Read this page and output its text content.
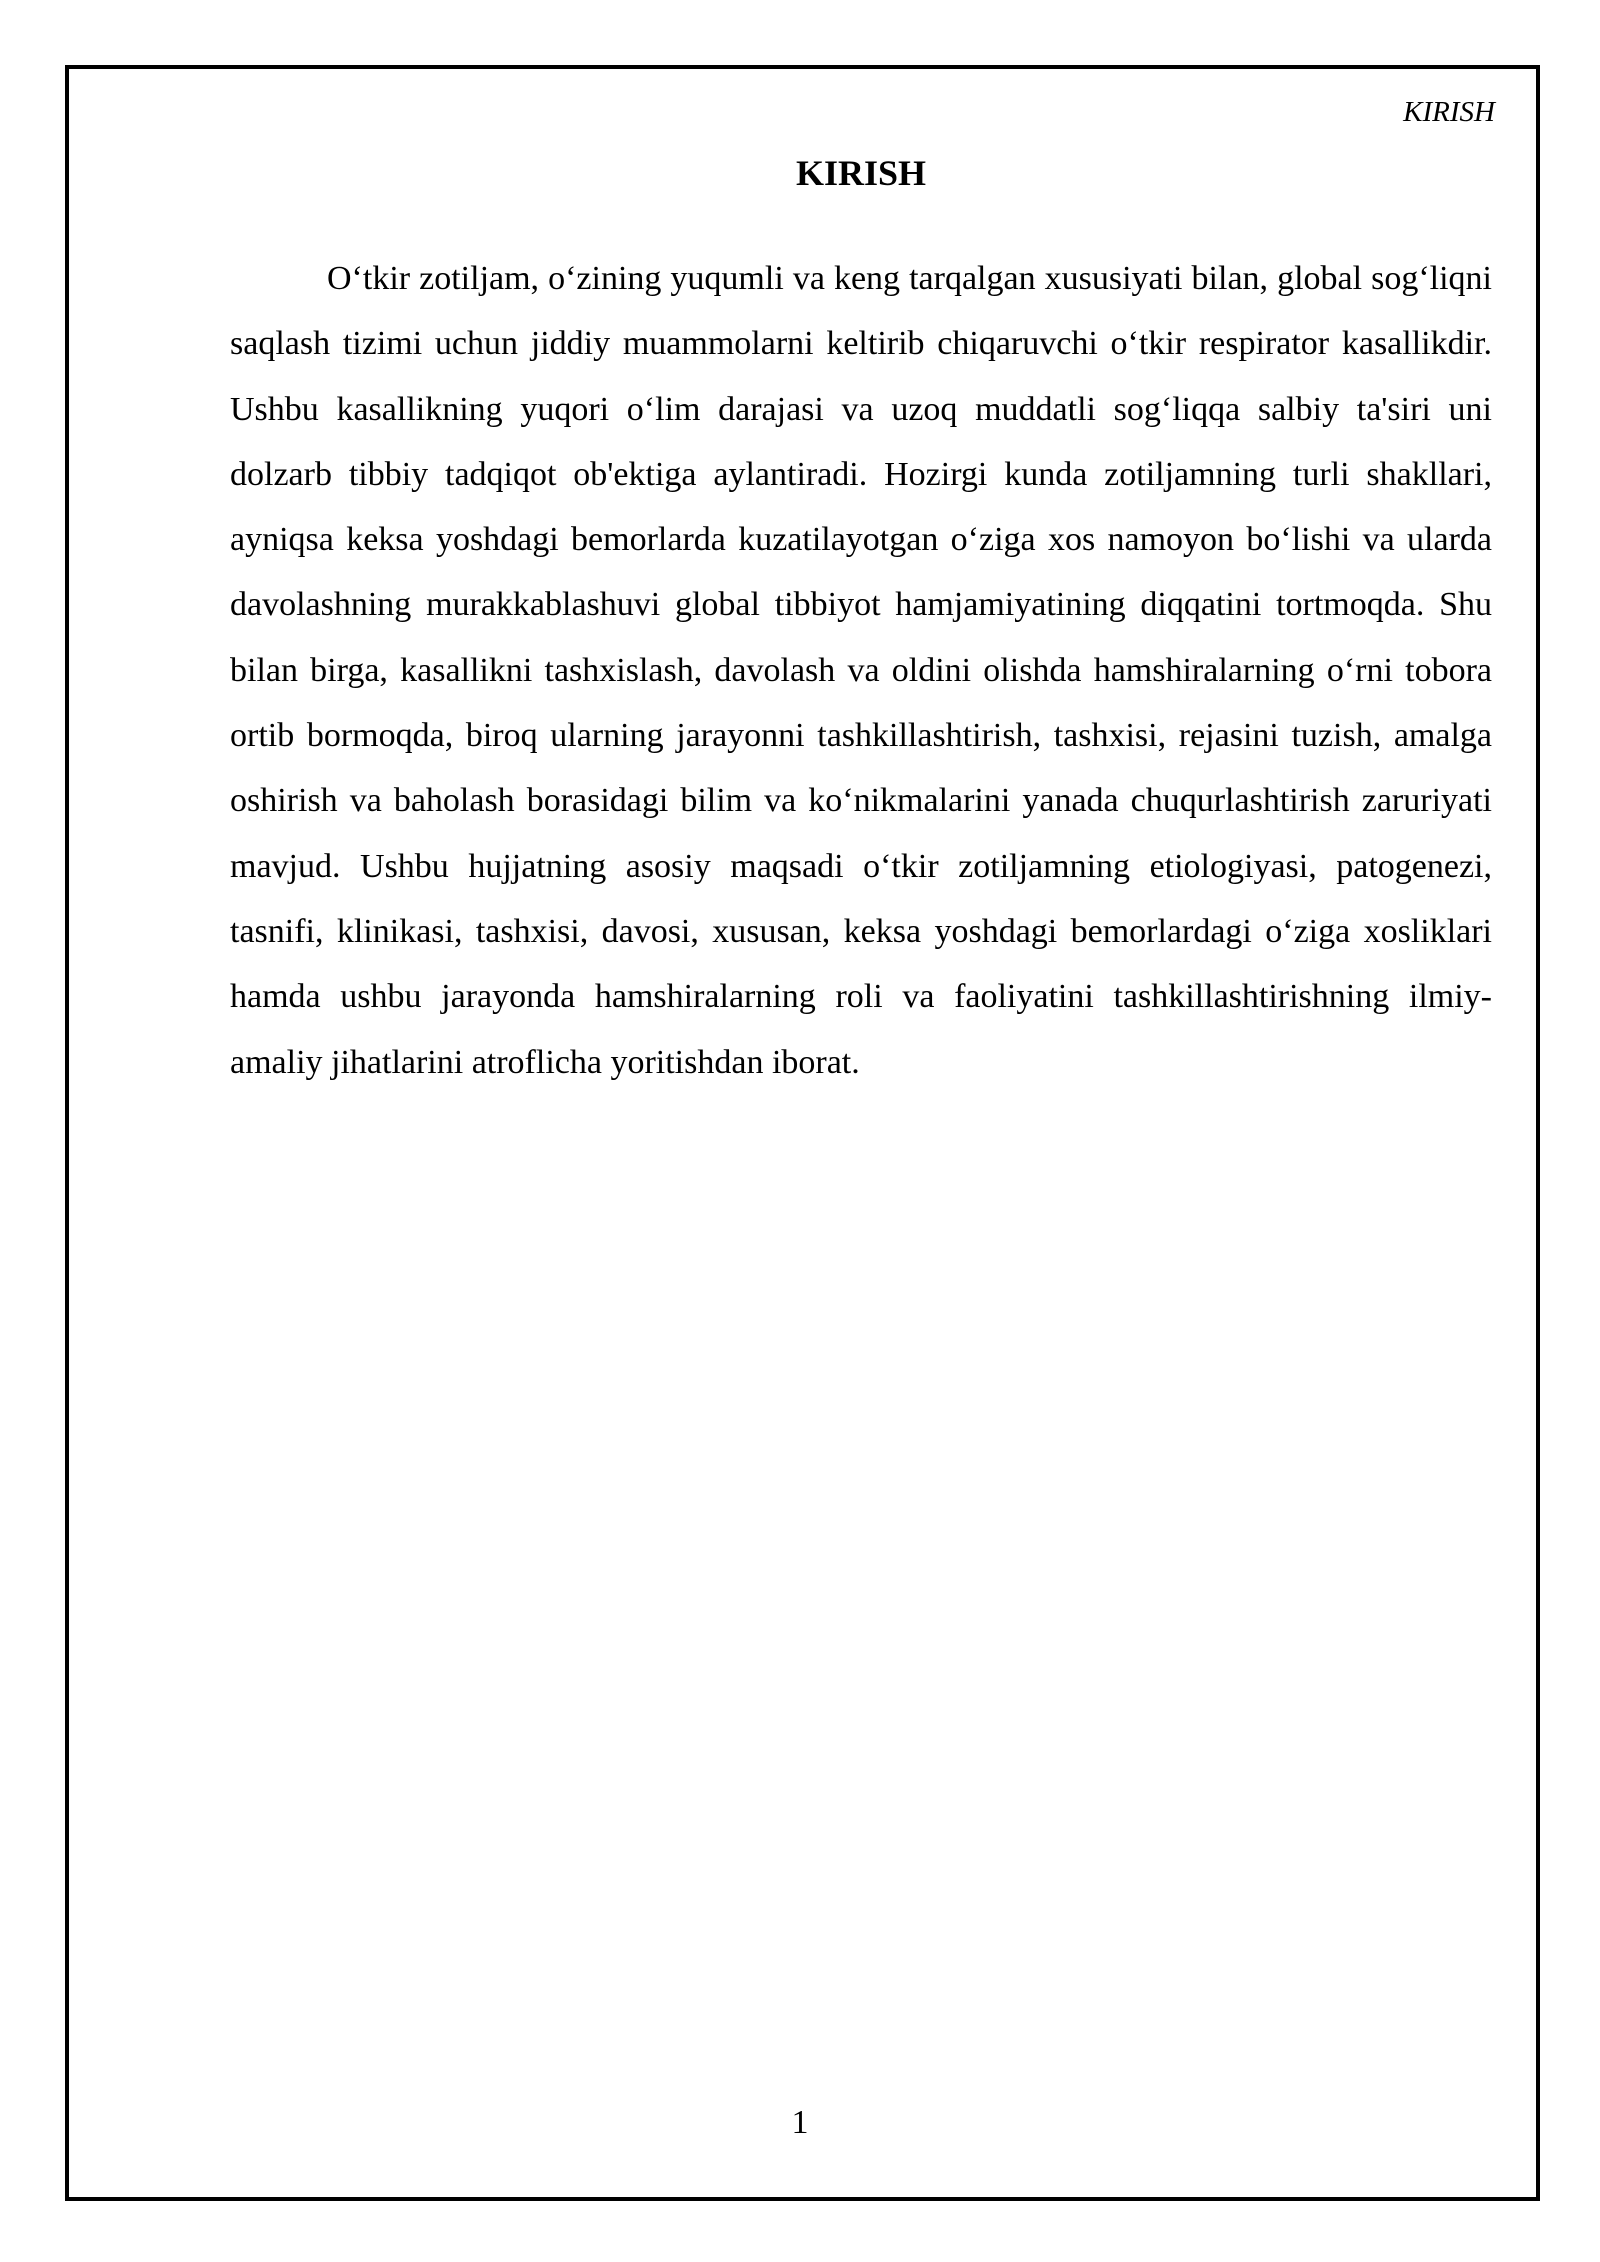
KIRISH
KIRISH

O‘tkir zotiljam, o‘zining yuqumli va keng tarqalgan xususiyati bilan, global sog‘liqni saqlash tizimi uchun jiddiy muammolarni keltirib chiqaruvchi o‘tkir respirator kasallikdir. Ushbu kasallikning yuqori o‘lim darajasi va uzoq muddatli sog‘liqqa salbiy ta'siri uni dolzarb tibbiy tadqiqot ob'ektiga aylantiradi. Hozirgi kunda zotiljamning turli shakllari, ayniqsa keksa yoshdagi bemorlarda kuzatilayotgan o‘ziga xos namoyon bo‘lishi va ularda davolashning murakkablashuvi global tibbiyot hamjamiyatining diqqatini tortmoqda. Shu bilan birga, kasallikni tashxislash, davolash va oldini olishda hamshiralarning o‘rni tobora ortib bormoqda, biroq ularning jarayonni tashkillashtirish, tashxisi, rejasini tuzish, amalga oshirish va baholash borasidagi bilim va ko‘nikmalarini yanada chuqurlashtirish zaruriyati mavjud. Ushbu hujjatning asosiy maqsadi o‘tkir zotiljamning etiologiyasi, patogenezi, tasnifi, klinikasi, tashxisi, davosi, xususan, keksa yoshdagi bemorlardagi o‘ziga xosliklari hamda ushbu jarayonda hamshiralarning roli va faoliyatini tashkillashtirishning ilmiy-amaliy jihatlarini atroflicha yoritishdan iborat.

1
